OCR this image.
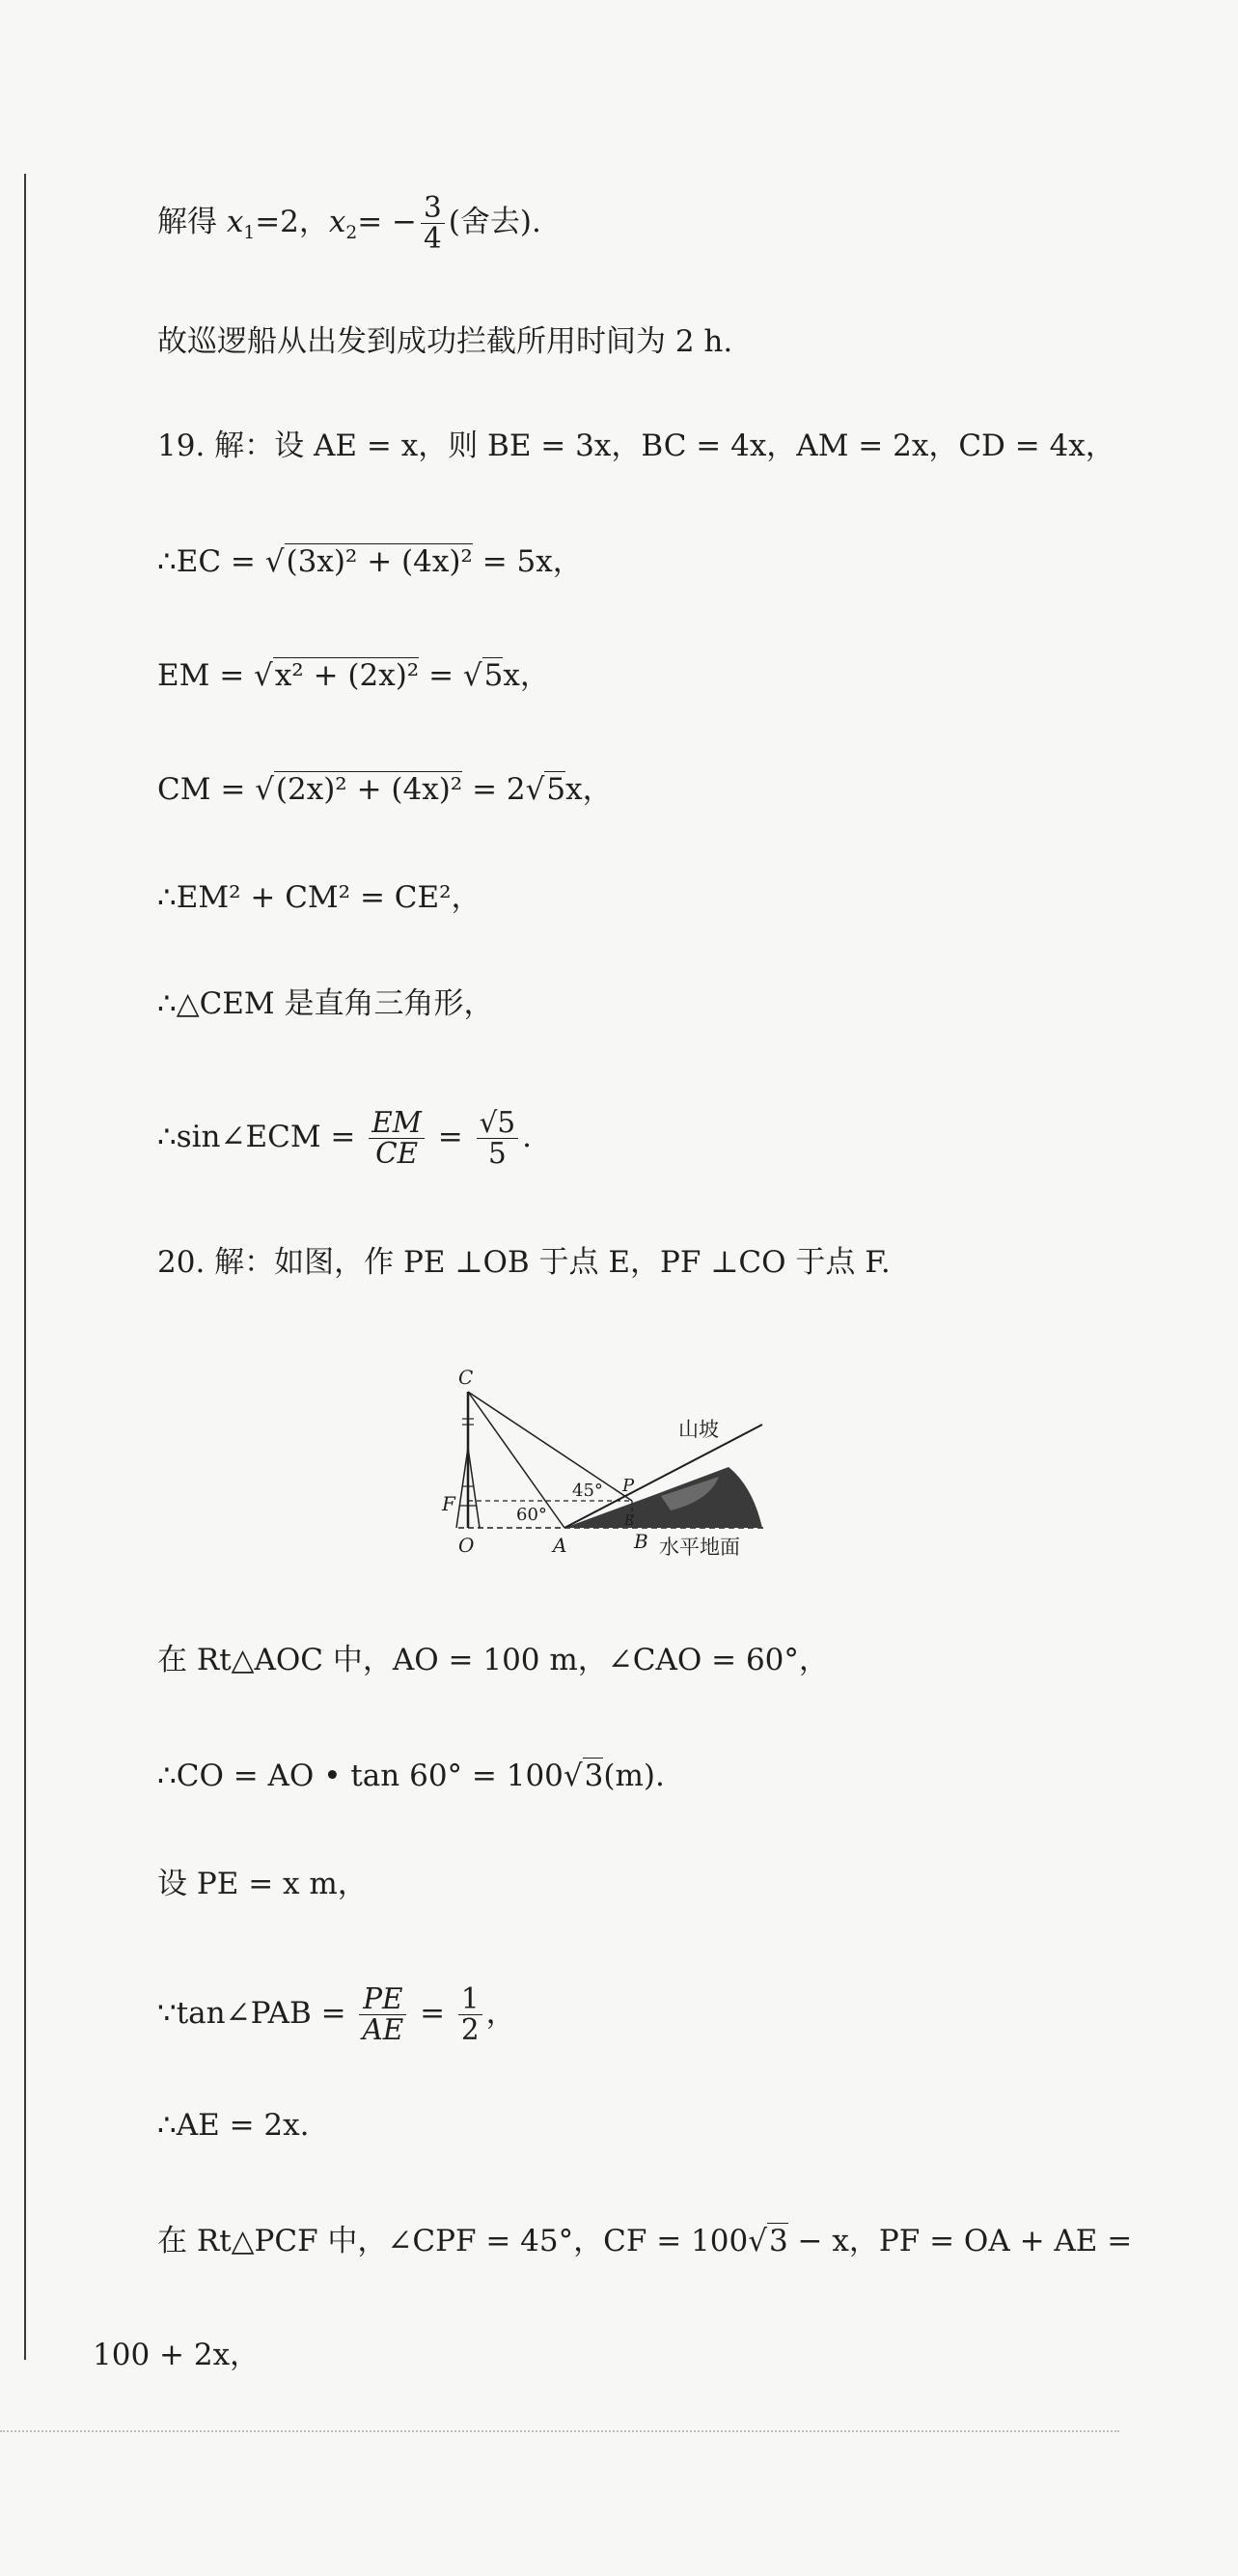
解得 $x_1=2$，$x_2= - \frac{3}{4}$ (舍去).
故巡逻船从出发到成功拦截所用时间为 2 h.
19. 解：设 AE = x，则 BE = 3x，BC = 4x，AM = 2x，CD = 4x，
∴EC = √(3x)² + (4x)² = 5x，
EM = √x² + (2x)² = √5x，
CM = √(2x)² + (4x)² = 2√5x，
∴EM² + CM² = CE²，
∴△CEM 是直角三角形，
∴sin∠ECM = $\frac{EM}{CE} = \frac{√5}{5}$ .
20. 解：如图，作 PE ⊥OB 于点 E，PF ⊥CO 于点 F.
C
F
O	A	B
P
E
45°
60°
山坡
水平地面
在 Rt△AOC 中，AO = 100 m，∠CAO = 60°，
∴CO = AO • tan 60° = 100√3(m).
设 PE = x m，
∵tan∠PAB = $\frac{PE}{AE} = \frac{1}{2}$ ，
∴AE = 2x.
在 Rt△PCF 中，∠CPF = 45°，CF = 100√3 − x，PF = OA + AE =
100 + 2x，
